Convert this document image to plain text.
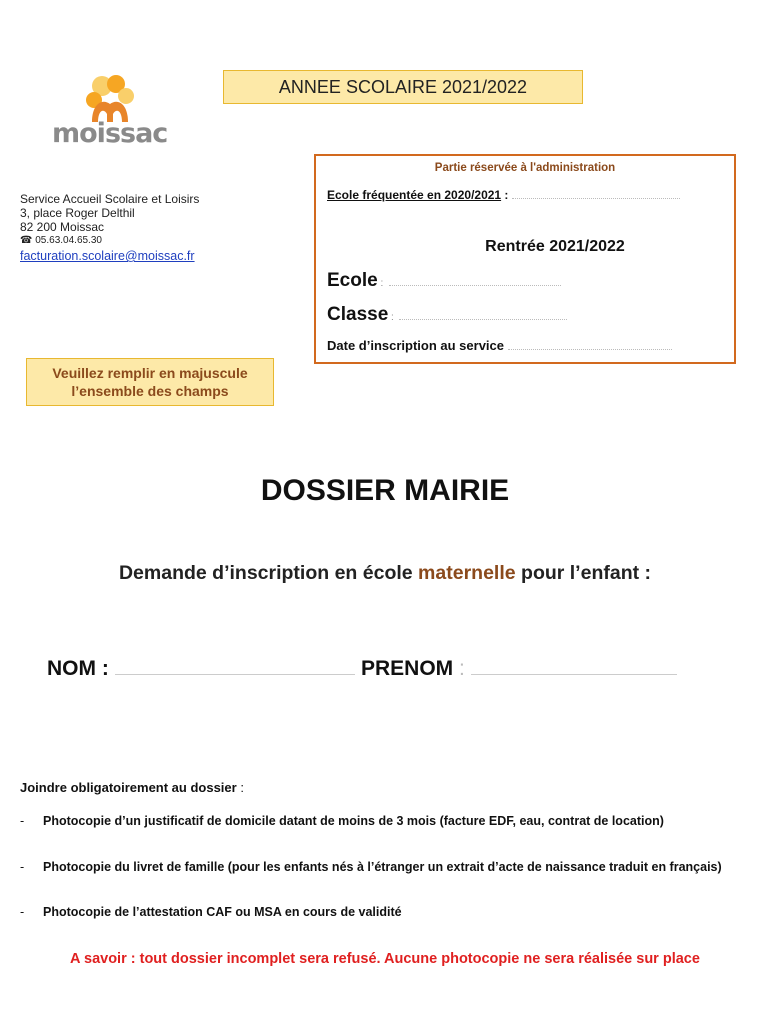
moissac
ANNEE SCOLAIRE 2021/2022
Service Accueil Scolaire et Loisirs
3, place Roger Delthil
82 200 Moissac
☎ 05.63.04.65.30
facturation.scolaire@moissac.fr
Partie réservée à l'administration
Ecole fréquentée en 2020/2021 :
Rentrée 2021/2022
Ecole :
Classe :
Date d’inscription au service
Veuillez remplir en majuscule
l’ensemble des champs
DOSSIER MAIRIE
Demande d’inscription en école maternelle pour l’enfant :
NOM :	PRENOM :
Joindre obligatoirement au dossier :
- Photocopie d’un justificatif de domicile datant de moins de 3 mois (facture EDF, eau, contrat de location)
- Photocopie du livret de famille (pour les enfants nés à l’étranger un extrait d’acte de naissance traduit en français)
- Photocopie de l’attestation CAF ou MSA en cours de validité
A savoir : tout dossier incomplet sera refusé. Aucune photocopie ne sera réalisée sur place
